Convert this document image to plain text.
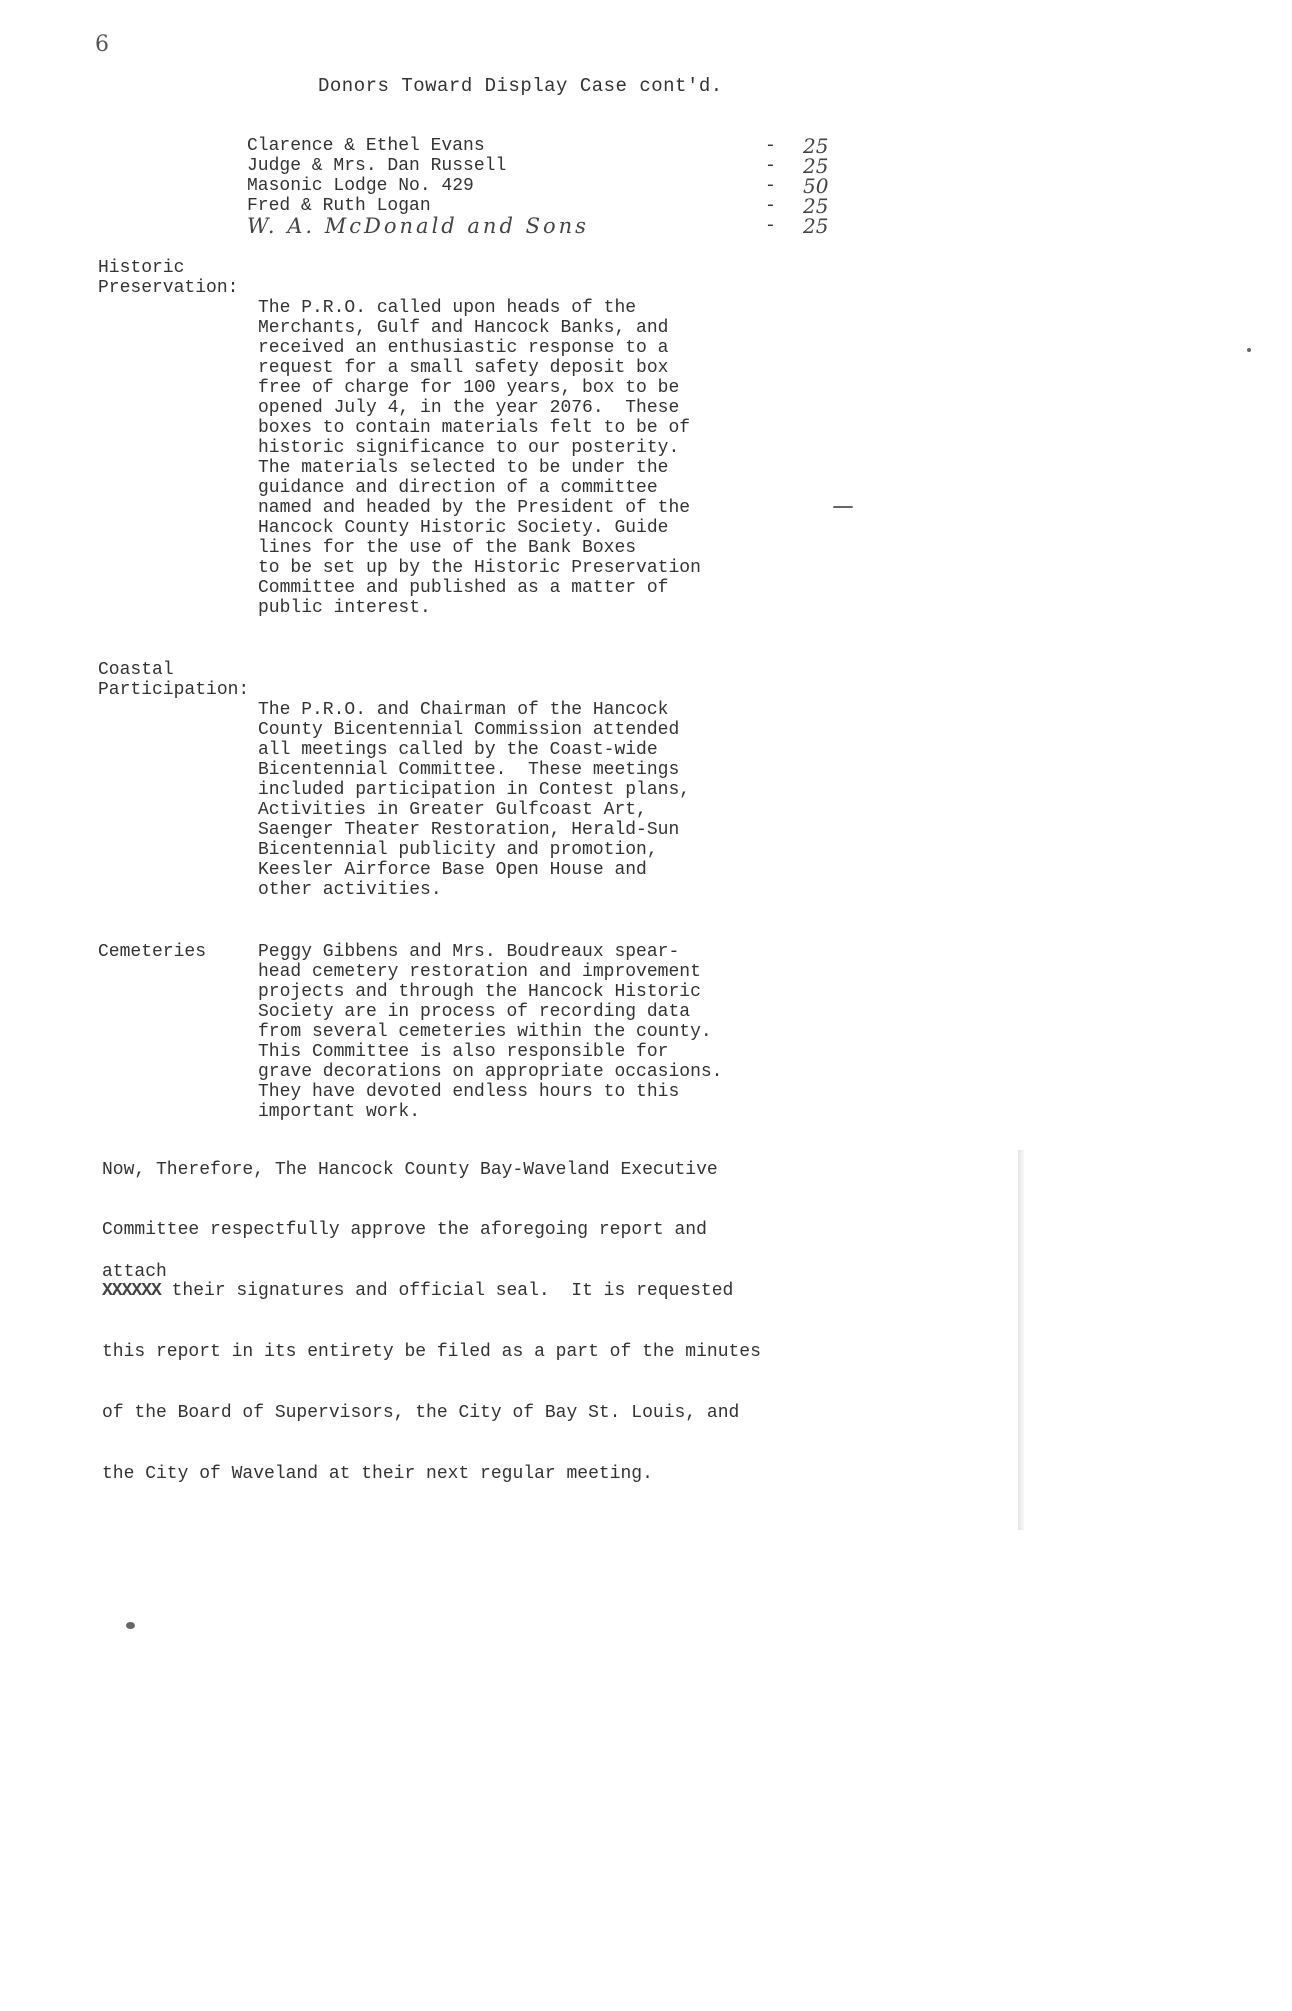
6
Donors Toward Display Case cont'd.
Clarence & Ethel Evans	- 25
Judge & Mrs. Dan Russell	- 25
Masonic Lodge No. 429	- 50
Fred & Ruth Logan	- 25
W. A. McDonald and Sons	- 25
Historic
Preservation:
The P.R.O. called upon heads of the
Merchants, Gulf and Hancock Banks, and
received an enthusiastic response to a
request for a small safety deposit box
free of charge for 100 years, box to be
opened July 4, in the year 2076.  These
boxes to contain materials felt to be of
historic significance to our posterity.
The materials selected to be under the
guidance and direction of a committee
named and headed by the President of the
Hancock County Historic Society. Guide
lines for the use of the Bank Boxes
to be set up by the Historic Preservation
Committee and published as a matter of
public interest.
Coastal
Participation:
The P.R.O. and Chairman of the Hancock
County Bicentennial Commission attended
all meetings called by the Coast-wide
Bicentennial Committee.  These meetings
included participation in Contest plans,
Activities in Greater Gulfcoast Art,
Saenger Theater Restoration, Herald-Sun
Bicentennial publicity and promotion,
Keesler Airforce Base Open House and
other activities.
Cemeteries	Peggy Gibbens and Mrs. Boudreaux spear-
head cemetery restoration and improvement
projects and through the Hancock Historic
Society are in process of recording data
from several cemeteries within the county.
This Committee is also responsible for
grave decorations on appropriate occasions.
They have devoted endless hours to this
important work.
Now, Therefore, The Hancock County Bay-Waveland Executive
Committee respectfully approve the aforegoing report and
attach
XXXXXX their signatures and official seal.  It is requested
this report in its entirety be filed as a part of the minutes
of the Board of Supervisors, the City of Bay St. Louis, and
the City of Waveland at their next regular meeting.
